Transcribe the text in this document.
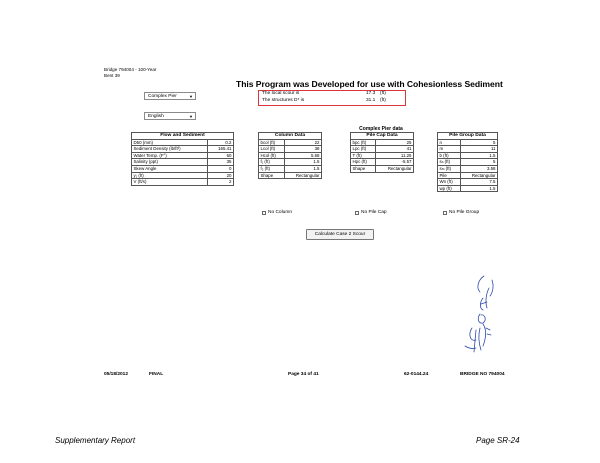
Bridge 794004 - 100-Year
Bent 39
This Program was Developed for use with Cohesionless Sediment
Complex Pier	▼
English	▼
The local scour is	17.3 (ft)
The structures D* is	31.1 (ft)
Complex Pier data
Flow and Sediment	
D50 (mm)	0.2
Sediment Density (lb/ft³)	165.41
Water Temp. (F°)	60
Salinity (ppt)	35
Skew Angle	0
y₁ (ft)	20
V (ft/s)	2
Column Data	
bcol (ft)	22
Lcol (ft)	38
Hcol (ft)	5.68
f₁ (ft)	1.5
f₂ (ft)	1.5
Shape	Rectangular
Pile Cap Data	
bpc (ft)	25
Lpc (ft)	41
T (ft)	11.25
Hpc (ft)	-5.57
Shape	Rectangular
Pile Group Data	
n	5
m	11
b (ft)	1.5
sₙ (ft)	5
sₘ (ft)	3.58
Pile	Rectangular
Wn (ft)	7.5
wp (ft)	1.5
No Column	No Pile Cap	No Pile Group
Calculate Case 2 Scour
05/18/2012	FINAL	Page 34 of 41	62-0144.24	BRIDGE NO 794004
Supplementary Report	Page SR-24
